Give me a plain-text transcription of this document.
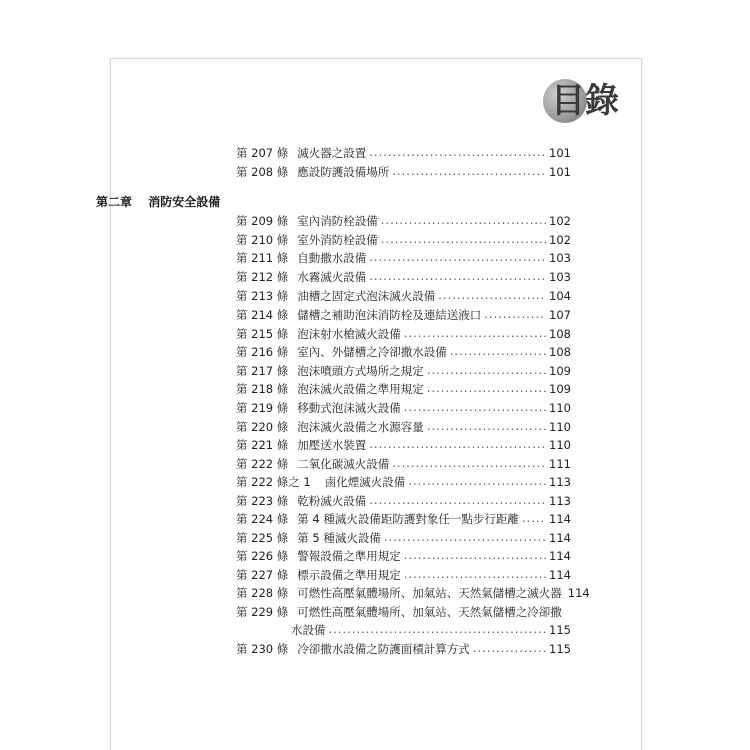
目錄
第 207 條 滅火器之設置 .....	101
第 208 條 應設防護設備場所 .....	101
第二章 消防安全設備
第 209 條 室內消防栓設備 .....	102
第 210 條 室外消防栓設備 .....	102
第 211 條 自動撒水設備 .....	103
第 212 條 水霧滅火設備 .....	103
第 213 條 油槽之固定式泡沫滅火設備 .....	104
第 214 條 儲槽之補助泡沫消防栓及連結送液口 .....	107
第 215 條 泡沫射水槍滅火設備 .....	108
第 216 條 室內、外儲槽之冷卻撒水設備 .....	108
第 217 條 泡沫噴頭方式場所之規定 .....	109
第 218 條 泡沫滅火設備之準用規定 .....	109
第 219 條 移動式泡沫滅火設備 .....	110
第 220 條 泡沫滅火設備之水源容量 .....	110
第 221 條 加壓送水裝置 .....	110
第 222 條 二氧化碳滅火設備 .....	111
第 222 條之 1 鹵化煙滅火設備 .....	113
第 223 條 乾粉滅火設備 .....	113
第 224 條 第 4 種滅火設備距防護對象任一點步行距離 .....	114
第 225 條 第 5 種滅火設備 .....	114
第 226 條 警報設備之準用規定 .....	114
第 227 條 標示設備之準用規定 .....	114
第 228 條 可燃性高壓氣體場所、加氣站、天然氣儲槽之滅火器 114
第 229 條 可燃性高壓氣體場所、加氣站、天然氣儲槽之冷卻撒
水設備 .....	115
第 230 條 冷卻撒水設備之防護面積計算方式 .....	115
